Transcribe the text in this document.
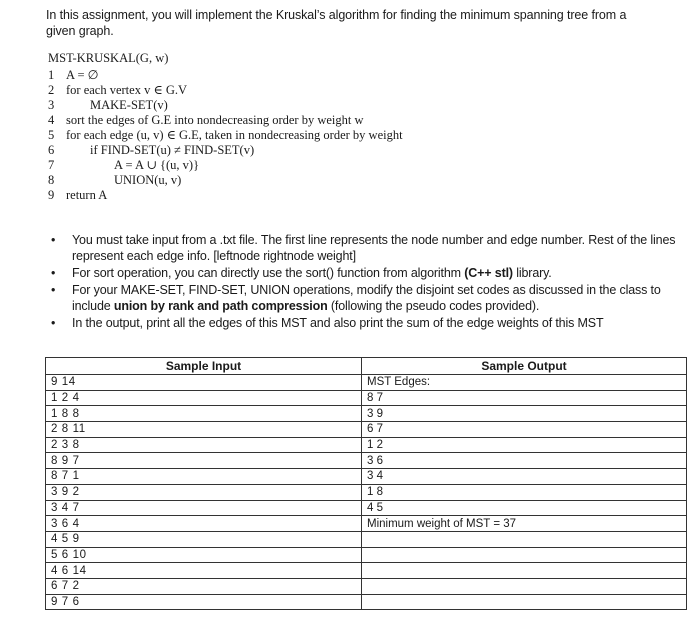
In this assignment, you will implement the Kruskal’s algorithm for finding the minimum spanning tree from a given graph.
MST-KRUSKAL(G, w)
1 A = ∅
2 for each vertex v ∈ G.V
3	MAKE-SET(v)
4 sort the edges of G.E into nondecreasing order by weight w
5 for each edge (u, v) ∈ G.E, taken in nondecreasing order by weight
6	if FIND-SET(u) ≠ FIND-SET(v)
7	A = A ∪ {(u, v)}
8	UNION(u, v)
9 return A
• You must take input from a .txt file. The first line represents the node number and edge number. Rest of the lines represent each edge info. [leftnode rightnode weight]
• For sort operation, you can directly use the sort() function from algorithm (C++ stl) library.
• For your MAKE-SET, FIND-SET, UNION operations, modify the disjoint set codes as discussed in the class to include union by rank and path compression (following the pseudo codes provided).
• In the output, print all the edges of this MST and also print the sum of the edge weights of this MST
Sample Input	Sample Output
9 14	MST Edges:
1 2 4	8 7
1 8 8	3 9
2 8 11	6 7
2 3 8	1 2
8 9 7	3 6
8 7 1	3 4
3 9 2	1 8
3 4 7	4 5
3 6 4	Minimum weight of MST = 37
4 5 9	
5 6 10	
4 6 14	
6 7 2	
9 7 6	
